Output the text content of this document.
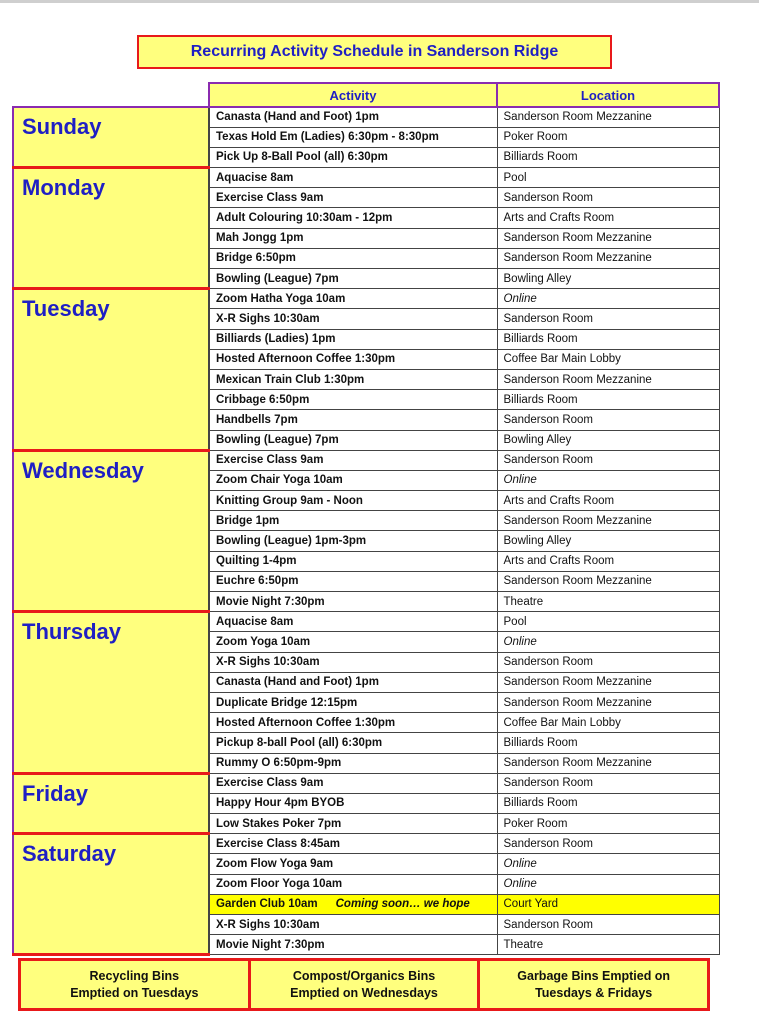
Recurring Activity Schedule in Sanderson Ridge
	Activity	Location
Sunday	Canasta (Hand and Foot) 1pm	Sanderson Room Mezzanine
	Texas Hold Em (Ladies) 6:30pm - 8:30pm	Poker Room
	Pick Up 8-Ball Pool (all) 6:30pm	Billiards Room
Monday	Aquacise 8am	Pool
	Exercise Class 9am	Sanderson Room
	Adult Colouring 10:30am - 12pm	Arts and Crafts Room
	Mah Jongg 1pm	Sanderson Room Mezzanine
	Bridge 6:50pm	Sanderson Room Mezzanine
	Bowling (League) 7pm	Bowling Alley
Tuesday	Zoom Hatha Yoga 10am	Online
	X-R Sighs 10:30am	Sanderson Room
	Billiards (Ladies) 1pm	Billiards Room
	Hosted Afternoon Coffee 1:30pm	Coffee Bar Main Lobby
	Mexican Train Club 1:30pm	Sanderson Room Mezzanine
	Cribbage 6:50pm	Billiards Room
	Handbells 7pm	Sanderson Room
	Bowling (League) 7pm	Bowling Alley
Wednesday	Exercise Class 9am	Sanderson Room
	Zoom Chair Yoga 10am	Online
	Knitting Group 9am - Noon	Arts and Crafts Room
	Bridge 1pm	Sanderson Room Mezzanine
	Bowling (League) 1pm-3pm	Bowling Alley
	Quilting 1-4pm	Arts and Crafts Room
	Euchre 6:50pm	Sanderson Room Mezzanine
	Movie Night 7:30pm	Theatre
Thursday	Aquacise 8am	Pool
	Zoom Yoga 10am	Online
	X-R Sighs 10:30am	Sanderson Room
	Canasta (Hand and Foot) 1pm	Sanderson Room Mezzanine
	Duplicate Bridge 12:15pm	Sanderson Room Mezzanine
	Hosted Afternoon Coffee 1:30pm	Coffee Bar Main Lobby
	Pickup 8-ball Pool (all) 6:30pm	Billiards Room
	Rummy O 6:50pm-9pm	Sanderson Room Mezzanine
Friday	Exercise Class 9am	Sanderson Room
	Happy Hour 4pm BYOB	Billiards Room
	Low Stakes Poker 7pm	Poker Room
Saturday	Exercise Class 8:45am	Sanderson Room
	Zoom Flow Yoga 9am	Online
	Zoom Floor Yoga 10am	Online
	Garden Club 10am Coming soon… we hope	Court Yard
	X-R Sighs 10:30am	Sanderson Room
	Movie Night 7:30pm	Theatre
Recycling Bins
Emptied on Tuesdays
Compost/Organics Bins
Emptied on Wednesdays
Garbage Bins Emptied on
Tuesdays & Fridays
